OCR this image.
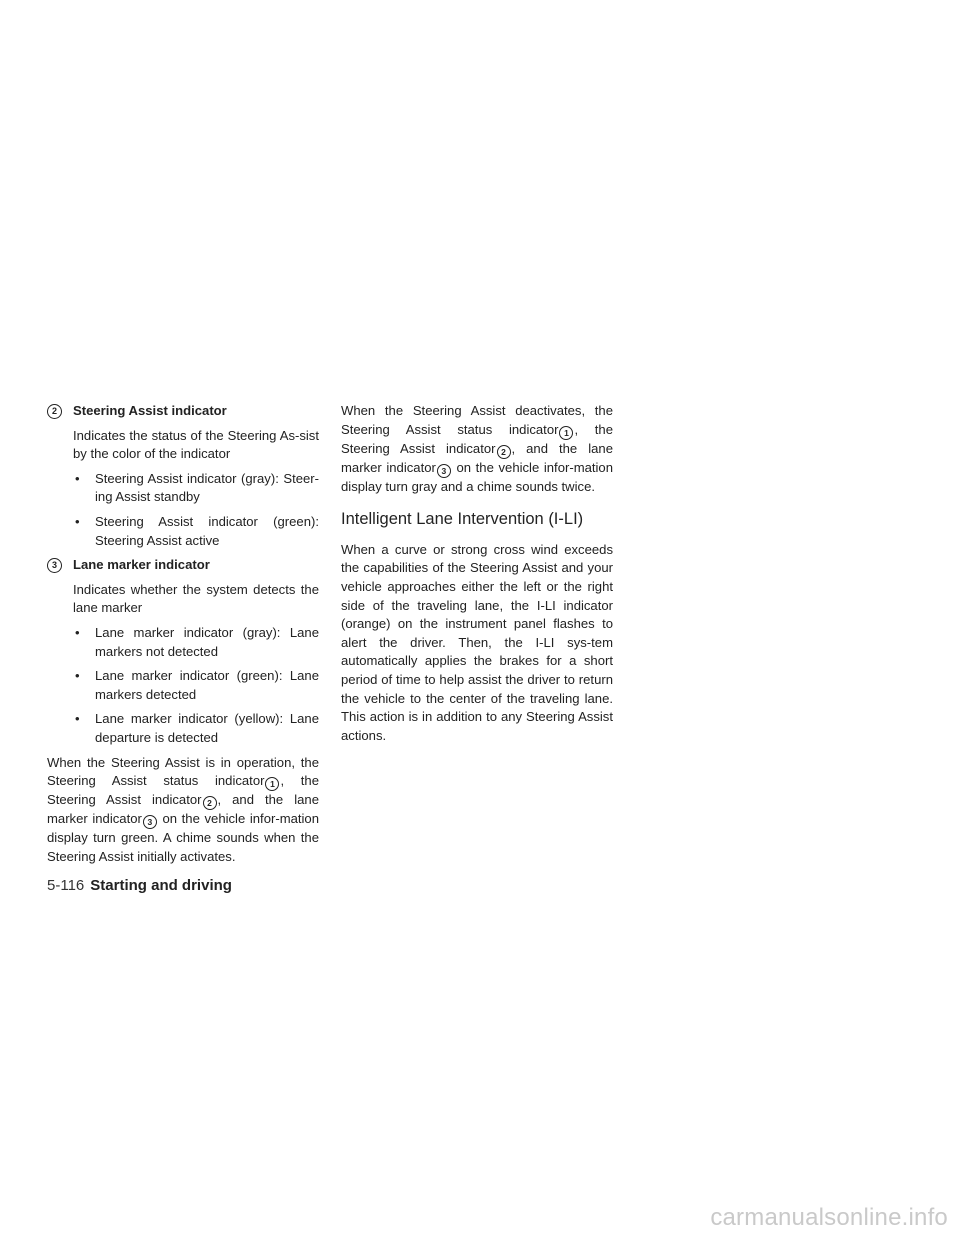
2	Steering Assist indicator

Indicates the status of the Steering As-sist by the color of the indicator

• Steering Assist indicator (gray): Steer-ing Assist standby

• Steering Assist indicator (green): Steering Assist active

3	Lane marker indicator

Indicates whether the system detects the lane marker

• Lane marker indicator (gray): Lane markers not detected

• Lane marker indicator (green): Lane markers detected

• Lane marker indicator (yellow): Lane departure is detected

When the Steering Assist is in operation, the Steering Assist status indicator 1 , the Steering Assist indicator 2 , and the lane marker indicator 3 on the vehicle infor-mation display turn green. A chime sounds when the Steering Assist initially activates.

When the Steering Assist deactivates, the Steering Assist status indicator 1 , the Steering Assist indicator 2 , and the lane marker indicator 3 on the vehicle infor-mation display turn gray and a chime sounds twice.

Intelligent Lane Intervention (I-LI)

When a curve or strong cross wind exceeds the capabilities of the Steering Assist and your vehicle approaches either the left or the right side of the traveling lane, the I-LI indicator (orange) on the instrument panel flashes to alert the driver. Then, the I-LI sys-tem automatically applies the brakes for a short period of time to help assist the driver to return the vehicle to the center of the traveling lane. This action is in addition to any Steering Assist actions.

5-116 Starting and driving
carmanualsonline.info
